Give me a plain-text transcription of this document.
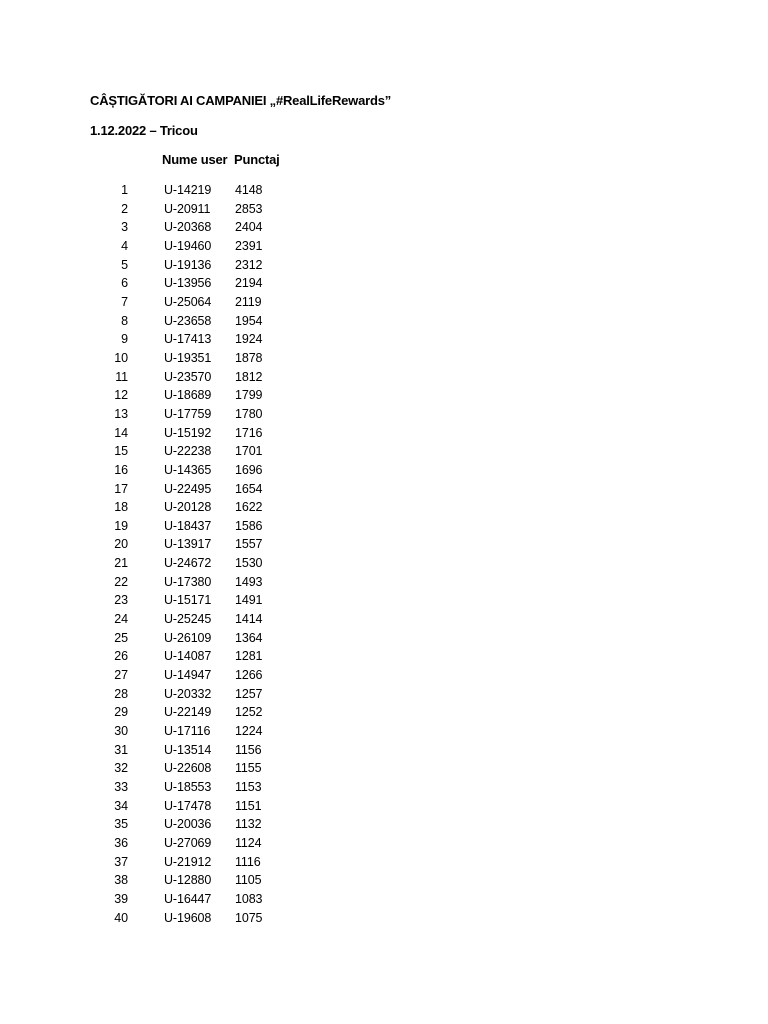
CÂȘTIGĂTORI AI CAMPANIEI „#RealLifeRewards”
1.12.2022 – Tricou
Nume user Punctaj
1	U-14219 4148
2	U-20911 2853
3	U-20368 2404
4	U-19460 2391
5	U-19136 2312
6	U-13956 2194
7	U-25064 2119
8	U-23658 1954
9	U-17413 1924
10	U-19351 1878
11	U-23570 1812
12	U-18689 1799
13	U-17759 1780
14	U-15192 1716
15	U-22238 1701
16	U-14365 1696
17	U-22495 1654
18	U-20128 1622
19	U-18437 1586
20	U-13917 1557
21	U-24672 1530
22	U-17380 1493
23	U-15171 1491
24	U-25245 1414
25	U-26109 1364
26	U-14087 1281
27	U-14947 1266
28	U-20332 1257
29	U-22149 1252
30	U-17116 1224
31	U-13514 1156
32	U-22608 1155
33	U-18553 1153
34	U-17478 1151
35	U-20036 1132
36	U-27069 1124
37	U-21912 1116
38	U-12880 1105
39	U-16447 1083
40	U-19608 1075
